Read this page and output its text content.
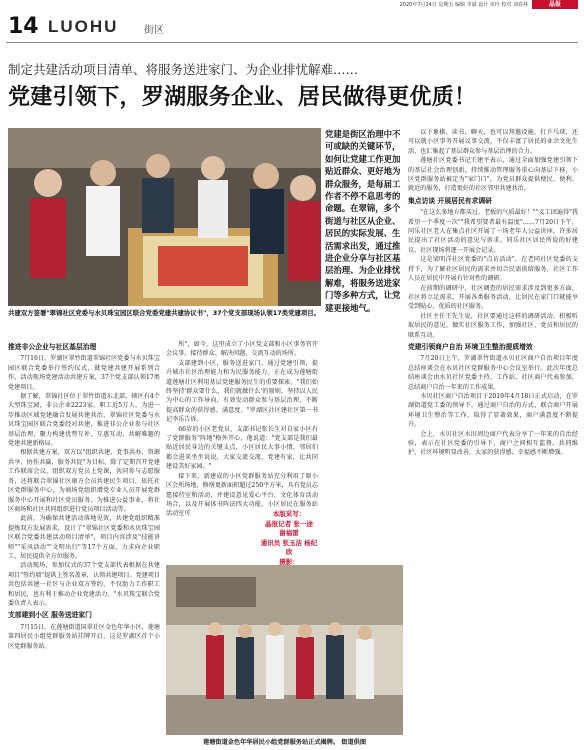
2020年7月24日 星期五 编辑 李斌 设计 章玲 校对 刘春林	晶报
14 LUOHU	街区
制定共建活动项目清单、将服务送进家门、为企业排忧解难……
党建引领下，罗湖服务企业、居民做得更优质！
共建双方签署"翠锦社区党委与水贝珠宝园区联合党委党建共建协议书"，37个党支部现场认领17类党建项目。
党建是街区治理中不可或缺的关键环节，如何让党建工作更加贴近群众、更好地为群众服务，是每届工作者不停不息思考的命题。在翠锦，多个街道与社区从企业、居民的实际发展、生活需求出发，通过推进企业分享与社区基层治理、为企业排忧解难，将服务送进家门等多种方式，让党建更接地气。

推进非公企业与社区基层治理

7月16日，罗湖区翠竹街道翠锦社区党委与水贝珠宝园区联合党委举行签约仪式，就党建共建开展系列合作，活动现场党建活动共建方案，37个党支部认领17类党建项目。

据了解，翠锦社区位于翠竹街道东北部，辖区有4个大型珠宝园，非公企业2223家。职工近5万人，为进一步推动区域党建融合发展共建共治，翠锦社区党委与水贝珠宝园区联合党委经对共建，推进非公企业参与社区基层治理，聚力构建优势互补、互惠互动、共解难题的党建共建新格局。

根据共建方案，双方以"组织共建、党事共办、资源共享、协作共赢、服务共促"为目标，除了定期召开党建工作联席会议，组织双方党员上党课，共同参与志愿服务，还将联合翠锦社区康方会员共建民生项目，依托社区党群服务中心，为商场党组织增党专业人员开展党群服务中心开展和社区党员服务。为推进公益事业，将社区商场和社区共同组织进行党员项目活动等。

此前，为确保共建活动落地见效，共建党组织精准提炼双方发展需求，设计了"翠锦社区党委和水贝珠宝园区联合党委共建活动项目清单"，项目内容涉及"技能讲师""采风活动""文明出行"等17个方面，力求向企业职工、居民提供全方位服务。

活动现场，参加仪式的37个党支部代表根据在共建项目"签约墙"提供上签名盖章，认领共建项目。党建项目共包括共建一社区与企业双方签约，不仅助力工作职工和居民，也有利于推动企业党建活力。"水贝珠宝联合党委负责人表示。

支部建到小区 服务送进家门

7月15日，在莲塘街道国翠社区金色年华小区，莲塘第四居民小组党群服务站挂牌开启，这是罗湖区首个小区党群服务站。

所"，如今，这里成立了小区党支部和小区事务官开会议事、接待群众、解决问题、交流互动的场所。

支部建到小区，服务送进家门，通过党建引领，提升城市社区治理能力和为民服务能力。正在成为莲塘街道莲塘社区利用基层党建服务民生的重要探索。"我们始终坚持'群众要什么，我们就做什么'的原则，坚持以人民为中心的工作导向，有效发动群众参与基层治理，不断提高群众的获得感、满意度。"罗湖区社区建社区第一书记李乐告诉。

66岁的小区老党员，支部书记张长生对自家小区有了党群服务"阵地"格外开心，他说道："党支部是我们最贴近居民身边的关键支点，小区居民大事小情，邻居们都会进来坐坐说说，大家交流交流，党建有家，让共同建设美好家园。"

接下来，新建成的小区党群服务站充分利用了原小区会所场地，修缮更新面积超过250平方米，具有党员志愿接待室和活动，并建设意见爱心平台，文化体育活动场合，以及开展体书阵法四大功能，小区居民在服务站活动室可

以下象棋、读书、聊天，也可以拜邀设施，打乒乓球，还可以就小区事务开展议事交流，不仅丰富了居民的业余文化生活，也汇集起了基层群众参与基层治理的合力。

莲塘社区党委书记王建平表示，通过全面加强党建引领下的基层社会治理创新，持续推动管理服务重心向基层下移，小区党群服务站被定为"家门口"，为党员群众提供便民、便利、就近的服务，打造更好的社区邻里共建共治。

集点访谈 开展居民有求调研

"在这么多地方都买过，老板的气质最好！""义工团遍得"我希望一个季度一次""我希望要者最有温度"……7月20日下午，同乐社区老人在集点社区开展了一场老年人公益讲座，许多居民提出了社区活动的意见与诉求。同乐社区居民所说的好建议，社区现场将逐一开展会记录。

这是梁明洋社区党委的"点访活动"，在老同社区党委的支持下，为了解社区居民的需求并切合民需供给服务，社区工作人员在居民中开展有针对性的调研。

在前期的调研中，社区调查的居民需求涉及到更多方面，社区将立足需求，开展各类服务活动，让居民在家门口就能享受到贴心、优质的社区服务。

社区主任王先生说，社区要通过这样的调研活动，积极听取居民的意见，做实社区服务工作，加强社区、党员和居民的联系互动。

党建引领商户自治 环境卫生整治提质增效

7月20日上午，罗湖翠竹街道水贝社区商户自治项目年度总结座谈会在水贝社区党群服务中心会议室举行。此次年度总结座谈会由水贝社区党委主持，工作站、社区商户代表参加，总结商户自治一年来的工作成果。

水贝社区商户自治项目于2019年4月18日正式启动，在罗湖街道党工委的领导下，通过商户自治的方式，联合商户开展环境卫生整治等工作，取得了显著效果，商户满意度不断提升。

会上，水贝社区水田周边商户代表分享了一年来的自治经验，表示在社区党委的引导下，商户之间相互监督、共同维护，社区环境明显改善，大家的获得感、幸福感不断增强。

本版采写：
晶报记者 张一途
谢福雷
通讯员 张玉洁 杨纪欣
摄影：
莲塘街道金色年华居民小组党群服务站正式揭牌。 街道供图
